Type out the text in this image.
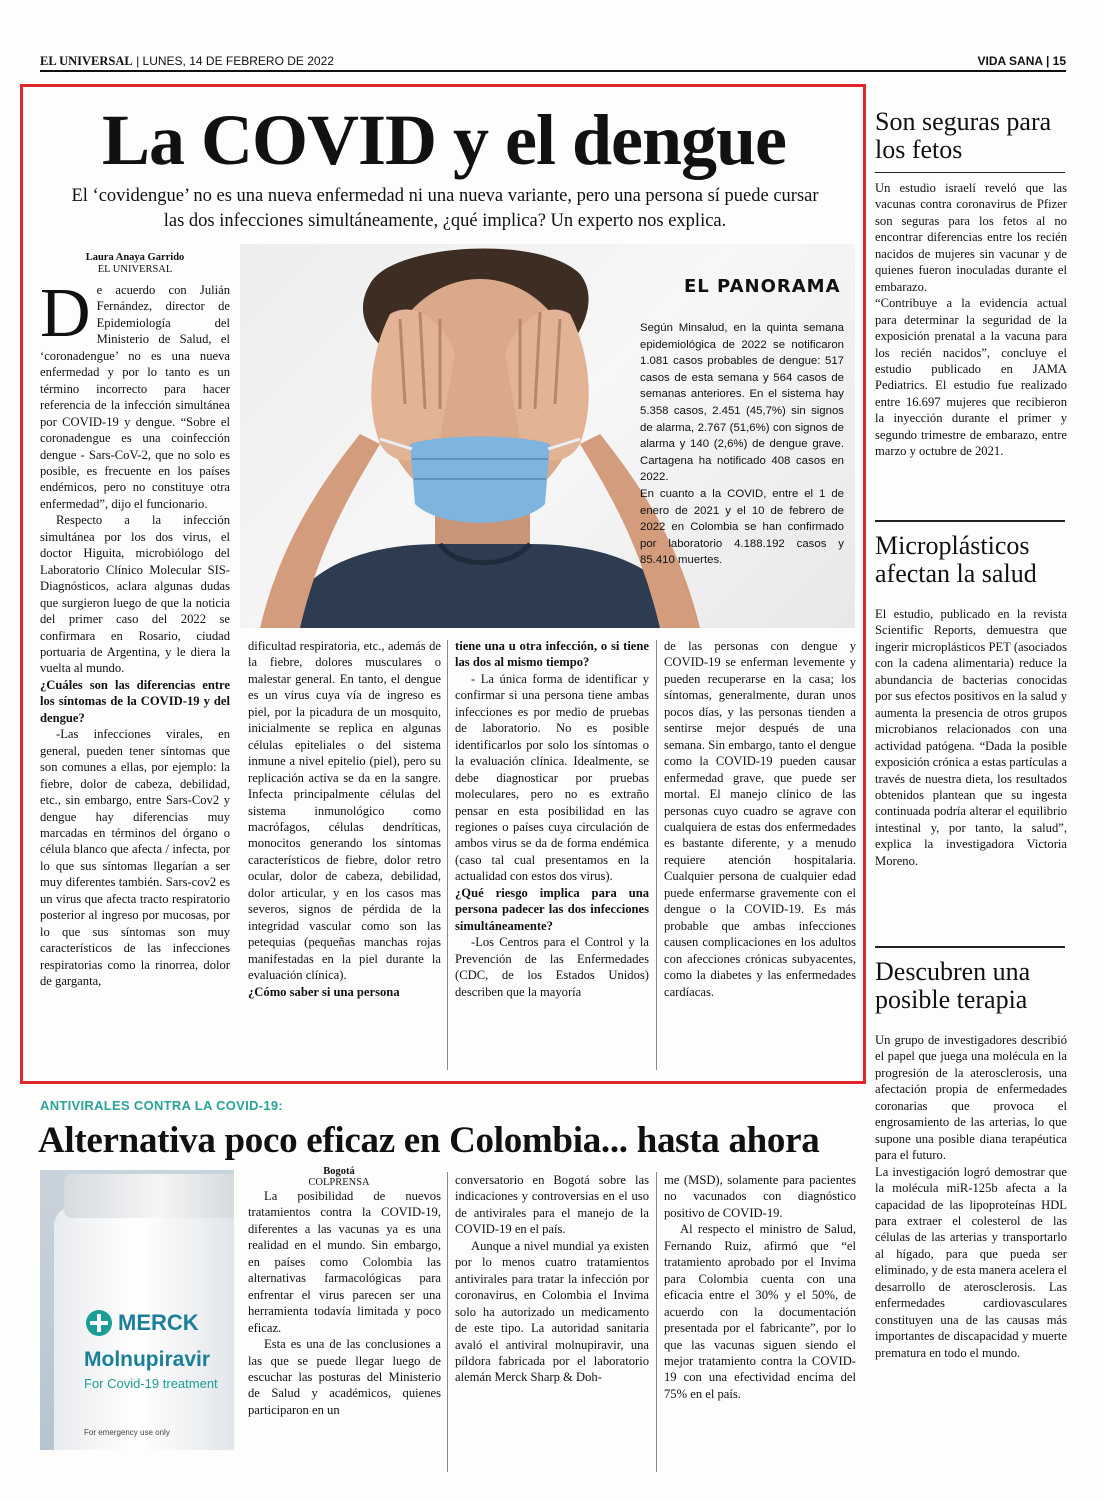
EL UNIVERSAL | LUNES, 14 DE FEBRERO DE 2022	VIDA SANA | 15
La COVID y el dengue
El ‘covidengue’ no es una nueva enfermedad ni una nueva variante, pero una persona sí puede cursar las dos infecciones simultáneamente, ¿qué implica? Un experto nos explica.
Laura Anaya Garrido
EL UNIVERSAL

De acuerdo con Julián Fernández, director de Epidemiología del Ministerio de Salud, el ‘coronadengue’ no es una nueva enfermedad y por lo tanto es un término incorrecto para hacer referencia de la infección simultánea por COVID-19 y dengue. “Sobre el coronadengue es una coinfección dengue - Sars-CoV-2, que no solo es posible, es frecuente en los países endémicos, pero no constituye otra enfermedad”, dijo el funcionario.

Respecto a la infección simultánea por los dos virus, el doctor Higuita, microbiólogo del Laboratorio Clínico Molecular SIS-Diagnósticos, aclara algunas dudas que surgieron luego de que la noticia del primer caso del 2022 se confirmara en Rosario, ciudad portuaria de Argentina, y le diera la vuelta al mundo.

¿Cuáles son las diferencias entre los síntomas de la COVID-19 y del dengue?

-Las infecciones virales, en general, pueden tener síntomas que son comunes a ellas, por ejemplo: la fiebre, dolor de cabeza, debilidad, etc., sin embargo, entre Sars-Cov2 y dengue hay diferencias muy marcadas en términos del órgano o célula blanco que afecta / infecta, por lo que sus síntomas llegarían a ser muy diferentes también. Sars-cov2 es un virus que afecta tracto respiratorio posterior al ingreso por mucosas, por lo que sus síntomas son muy característicos de las infecciones respiratorias como la rinorrea, dolor de garganta,

EL PANORAMA

Según Minsalud, en la quinta semana epidemiológica de 2022 se notificaron 1.081 casos probables de dengue: 517 casos de esta semana y 564 casos de semanas anteriores. En el sistema hay 5.358 casos, 2.451 (45,7%) sin signos de alarma, 2.767 (51,6%) con signos de alarma y 140 (2,6%) de dengue grave. Cartagena ha notificado 408 casos en 2022.

En cuanto a la COVID, entre el 1 de enero de 2021 y el 10 de febrero de 2022 en Colombia se han confirmado por laboratorio 4.188.192 casos y 85.410 muertes.

dificultad respiratoria, etc., además de la fiebre, dolores musculares o malestar general. En tanto, el dengue es un virus cuya vía de ingreso es piel, por la picadura de un mosquito, inicialmente se replica en algunas células epiteliales o del sistema inmune a nivel epitelio (piel), pero su replicación activa se da en la sangre. Infecta principalmente células del sistema inmunológico como macrófagos, células dendríticas, monocitos generando los síntomas característicos de fiebre, dolor retro ocular, dolor de cabeza, debilidad, dolor articular, y en los casos mas severos, signos de pérdida de la integridad vascular como son las petequias (pequeñas manchas rojas manifestadas en la piel durante la evaluación clínica).

¿Cómo saber si una persona

tiene una u otra infección, o si tiene las dos al mismo tiempo?

- La única forma de identificar y confirmar si una persona tiene ambas infecciones es por medio de pruebas de laboratorio. No es posible identificarlos por solo los síntomas o la evaluación clínica. Idealmente, se debe diagnosticar por pruebas moleculares, pero no es extraño pensar en esta posibilidad en las regiones o países cuya circulación de ambos virus se da de forma endémica (caso tal cual presentamos en la actualidad con estos dos virus).

¿Qué riesgo implica para una persona padecer las dos infecciones simultáneamente?

-Los Centros para el Control y la Prevención de las Enfermedades (CDC, de los Estados Unidos) describen que la mayoría

de las personas con dengue y COVID-19 se enferman levemente y pueden recuperarse en la casa; los síntomas, generalmente, duran unos pocos días, y las personas tienden a sentirse mejor después de una semana. Sin embargo, tanto el dengue como la COVID-19 pueden causar enfermedad grave, que puede ser mortal. El manejo clínico de las personas cuyo cuadro se agrave con cualquiera de estas dos enfermedades es bastante diferente, y a menudo requiere atención hospitalaria. Cualquier persona de cualquier edad puede enfermarse gravemente con el dengue o la COVID-19. Es más probable que ambas infecciones causen complicaciones en los adultos con afecciones crónicas subyacentes, como la diabetes y las enfermedades cardíacas.

Son seguras para los fetos

Un estudio israelí reveló que las vacunas contra coronavirus de Pfizer son seguras para los fetos al no encontrar diferencias entre los recién nacidos de mujeres sin vacunar y de quienes fueron inoculadas durante el embarazo.

“Contribuye a la evidencia actual para determinar la seguridad de la exposición prenatal a la vacuna para los recién nacidos”, concluye el estudio publicado en JAMA Pediatrics. El estudio fue realizado entre 16.697 mujeres que recibieron la inyección durante el primer y segundo trimestre de embarazo, entre marzo y octubre de 2021.

Microplásticos afectan la salud

El estudio, publicado en la revista Scientific Reports, demuestra que ingerir microplásticos PET (asociados con la cadena alimentaria) reduce la abundancia de bacterias conocidas por sus efectos positivos en la salud y aumenta la presencia de otros grupos microbianos relacionados con una actividad patógena. “Dada la posible exposición crónica a estas partículas a través de nuestra dieta, los resultados obtenidos plantean que su ingesta continuada podría alterar el equilibrio intestinal y, por tanto, la salud”, explica la investigadora Victoria Moreno.

Descubren una posible terapia

Un grupo de investigadores describió el papel que juega una molécula en la progresión de la aterosclerosis, una afectación propia de enfermedades coronarias que provoca el engrosamiento de las arterias, lo que supone una posible diana terapéutica para el futuro.

La investigación logró demostrar que la molécula miR-125b afecta a la capacidad de las lipoproteínas HDL para extraer el colesterol de las células de las arterias y transportarlo al hígado, para que pueda ser eliminado, y de esta manera acelera el desarrollo de aterosclerosis. Las enfermedades cardiovasculares constituyen una de las causas más importantes de discapacidad y muerte prematura en todo el mundo.

ANTIVIRALES CONTRA LA COVID-19:
Alternativa poco eficaz en Colombia... hasta ahora
MERCK
Molnupiravir
For Covid-19 treatment
For emergency use only
Bogotá
COLPRENSA

La posibilidad de nuevos tratamientos contra la COVID-19, diferentes a las vacunas ya es una realidad en el mundo. Sin embargo, en países como Colombia las alternativas farmacológicas para enfrentar el virus parecen ser una herramienta todavía limitada y poco eficaz.

Esta es una de las conclusiones a las que se puede llegar luego de escuchar las posturas del Ministerio de Salud y académicos, quienes participaron en un

conversatorio en Bogotá sobre las indicaciones y controversias en el uso de antivirales para el manejo de la COVID-19 en el país.

Aunque a nivel mundial ya existen por lo menos cuatro tratamientos antivirales para tratar la infección por coronavirus, en Colombia el Invima solo ha autorizado un medicamento de este tipo. La autoridad sanitaria avaló el antiviral molnupiravir, una píldora fabricada por el laboratorio alemán Merck Sharp & Doh-

me (MSD), solamente para pacientes no vacunados con diagnóstico positivo de COVID-19.

Al respecto el ministro de Salud, Fernando Ruiz, afirmó que “el tratamiento aprobado por el Invima para Colombia cuenta con una eficacia entre el 30% y el 50%, de acuerdo con la documentación presentada por el fabricante”, por lo que las vacunas siguen siendo el mejor tratamiento contra la COVID-19 con una efectividad encima del 75% en el país.
